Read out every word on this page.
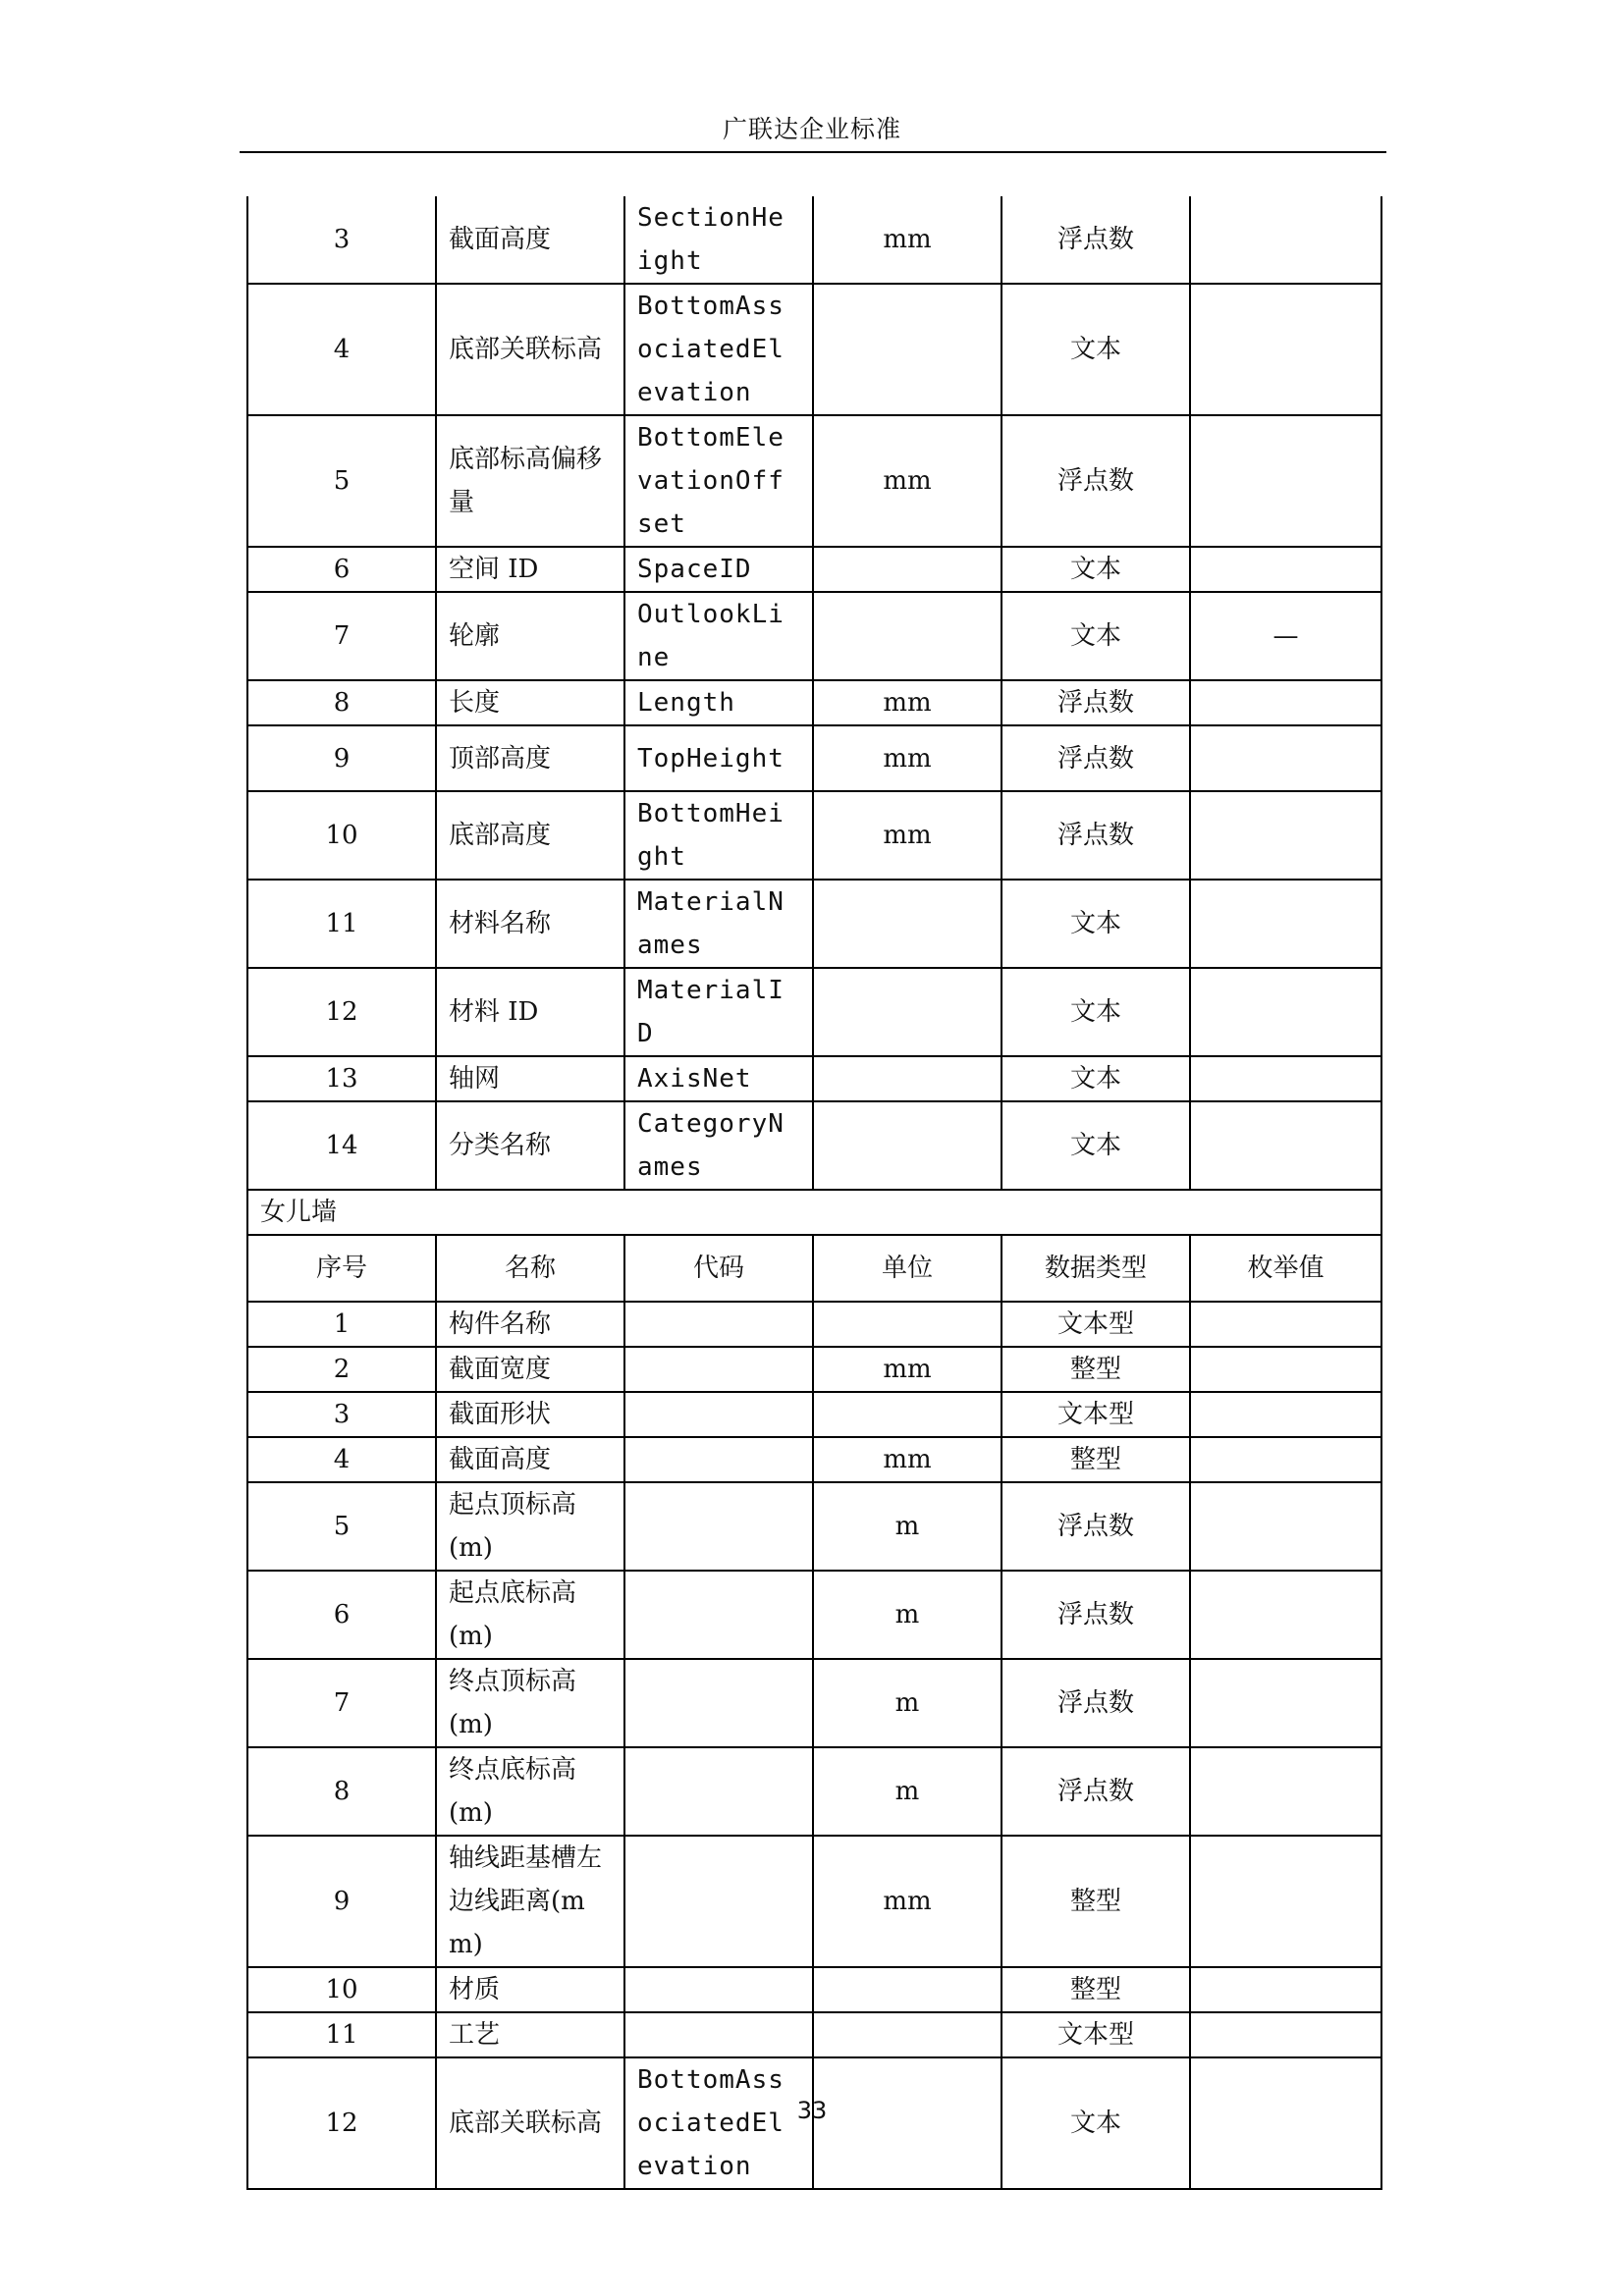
广联达企业标准
3	截面高度	SectionHeight	mm	浮点数	
4	底部关联标高	BottomAssociatedElevation		文本	
5	底部标高偏移量	BottomElevationOffset	mm	浮点数	
6	空间 ID	SpaceID		文本	
7	轮廓	OutlookLine		文本	—
8	长度	Length	mm	浮点数	
9	顶部高度	TopHeight	mm	浮点数	
10	底部高度	BottomHeight	mm	浮点数	
11	材料名称	MaterialNames		文本	
12	材料 ID	MaterialID		文本	
13	轴网	AxisNet		文本	
14	分类名称	CategoryNames		文本	
女儿墙					
序号	名称	代码	单位	数据类型	枚举值
1	构件名称			文本型	
2	截面宽度		mm	整型	
3	截面形状			文本型	
4	截面高度		mm	整型	
5	起点顶标高(m)		m	浮点数	
6	起点底标高(m)		m	浮点数	
7	终点顶标高(m)		m	浮点数	
8	终点底标高(m)		m	浮点数	
9	轴线距基槽左边线距离(mm)		mm	整型	
10	材质			整型	
11	工艺			文本型	
12	底部关联标高	BottomAssociatedElevation		文本	
33
